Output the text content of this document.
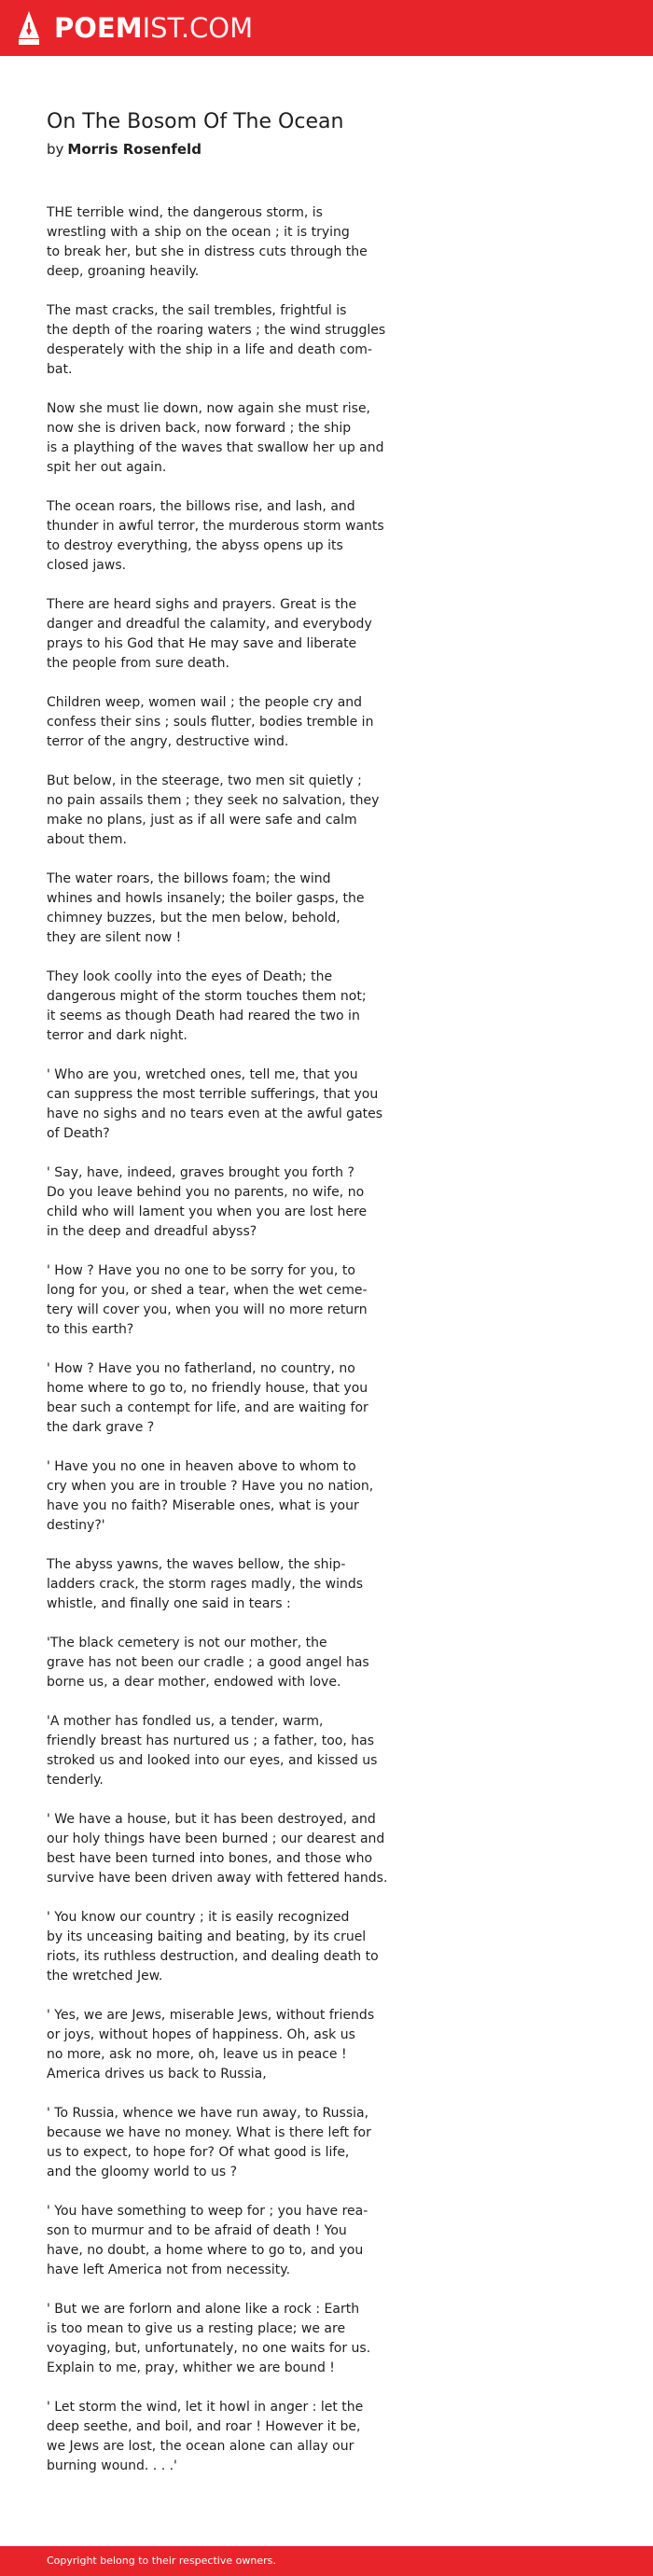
POEMIST.COM
On The Bosom Of The Ocean
by Morris Rosenfeld

THE terrible wind, the dangerous storm, is
wrestling with a ship on the ocean ; it is trying
to break her, but she in distress cuts through the
deep, groaning heavily.

The mast cracks, the sail trembles, frightful is
the depth of the roaring waters ; the wind struggles
desperately with the ship in a life and death com-
bat.

Now she must lie down, now again she must rise,
now she is driven back, now forward ; the ship
is a plaything of the waves that swallow her up and
spit her out again.

The ocean roars, the billows rise, and lash, and
thunder in awful terror, the murderous storm wants
to destroy everything, the abyss opens up its
closed jaws.

There are heard sighs and prayers. Great is the
danger and dreadful the calamity, and everybody
prays to his God that He may save and liberate
the people from sure death.

Children weep, women wail ; the people cry and
confess their sins ; souls flutter, bodies tremble in
terror of the angry, destructive wind.

But below, in the steerage, two men sit quietly ;
no pain assails them ; they seek no salvation, they
make no plans, just as if all were safe and calm
about them.

The water roars, the billows foam; the wind
whines and howls insanely; the boiler gasps, the
chimney buzzes, but the men below, behold,
they are silent now !

They look coolly into the eyes of Death; the
dangerous might of the storm touches them not;
it seems as though Death had reared the two in
terror and dark night.

' Who are you, wretched ones, tell me, that you
can suppress the most terrible sufferings, that you
have no sighs and no tears even at the awful gates
of Death?

' Say, have, indeed, graves brought you forth ?
Do you leave behind you no parents, no wife, no
child who will lament you when you are lost here
in the deep and dreadful abyss?

' How ? Have you no one to be sorry for you, to
long for you, or shed a tear, when the wet ceme-
tery will cover you, when you will no more return
to this earth?

' How ? Have you no fatherland, no country, no
home where to go to, no friendly house, that you
bear such a contempt for life, and are waiting for
the dark grave ?

' Have you no one in heaven above to whom to
cry when you are in trouble ? Have you no nation,
have you no faith? Miserable ones, what is your
destiny?'

The abyss yawns, the waves bellow, the ship-
ladders crack, the storm rages madly, the winds
whistle, and finally one said in tears :

'The black cemetery is not our mother, the
grave has not been our cradle ; a good angel has
borne us, a dear mother, endowed with love.

'A mother has fondled us, a tender, warm,
friendly breast has nurtured us ; a father, too, has
stroked us and looked into our eyes, and kissed us
tenderly.

' We have a house, but it has been destroyed, and
our holy things have been burned ; our dearest and
best have been turned into bones, and those who
survive have been driven away with fettered hands.

' You know our country ; it is easily recognized
by its unceasing baiting and beating, by its cruel
riots, its ruthless destruction, and dealing death to
the wretched Jew.

' Yes, we are Jews, miserable Jews, without friends
or joys, without hopes of happiness. Oh, ask us
no more, ask no more, oh, leave us in peace !
America drives us back to Russia,

' To Russia, whence we have run away, to Russia,
because we have no money. What is there left for
us to expect, to hope for? Of what good is life,
and the gloomy world to us ?

' You have something to weep for ; you have rea-
son to murmur and to be afraid of death ! You
have, no doubt, a home where to go to, and you
have left America not from necessity.

' But we are forlorn and alone like a rock : Earth
is too mean to give us a resting place; we are
voyaging, but, unfortunately, no one waits for us.
Explain to me, pray, whither we are bound !

' Let storm the wind, let it howl in anger : let the
deep seethe, and boil, and roar ! However it be,
we Jews are lost, the ocean alone can allay our
burning wound. . . .'

Copyright belong to their respective owners.
